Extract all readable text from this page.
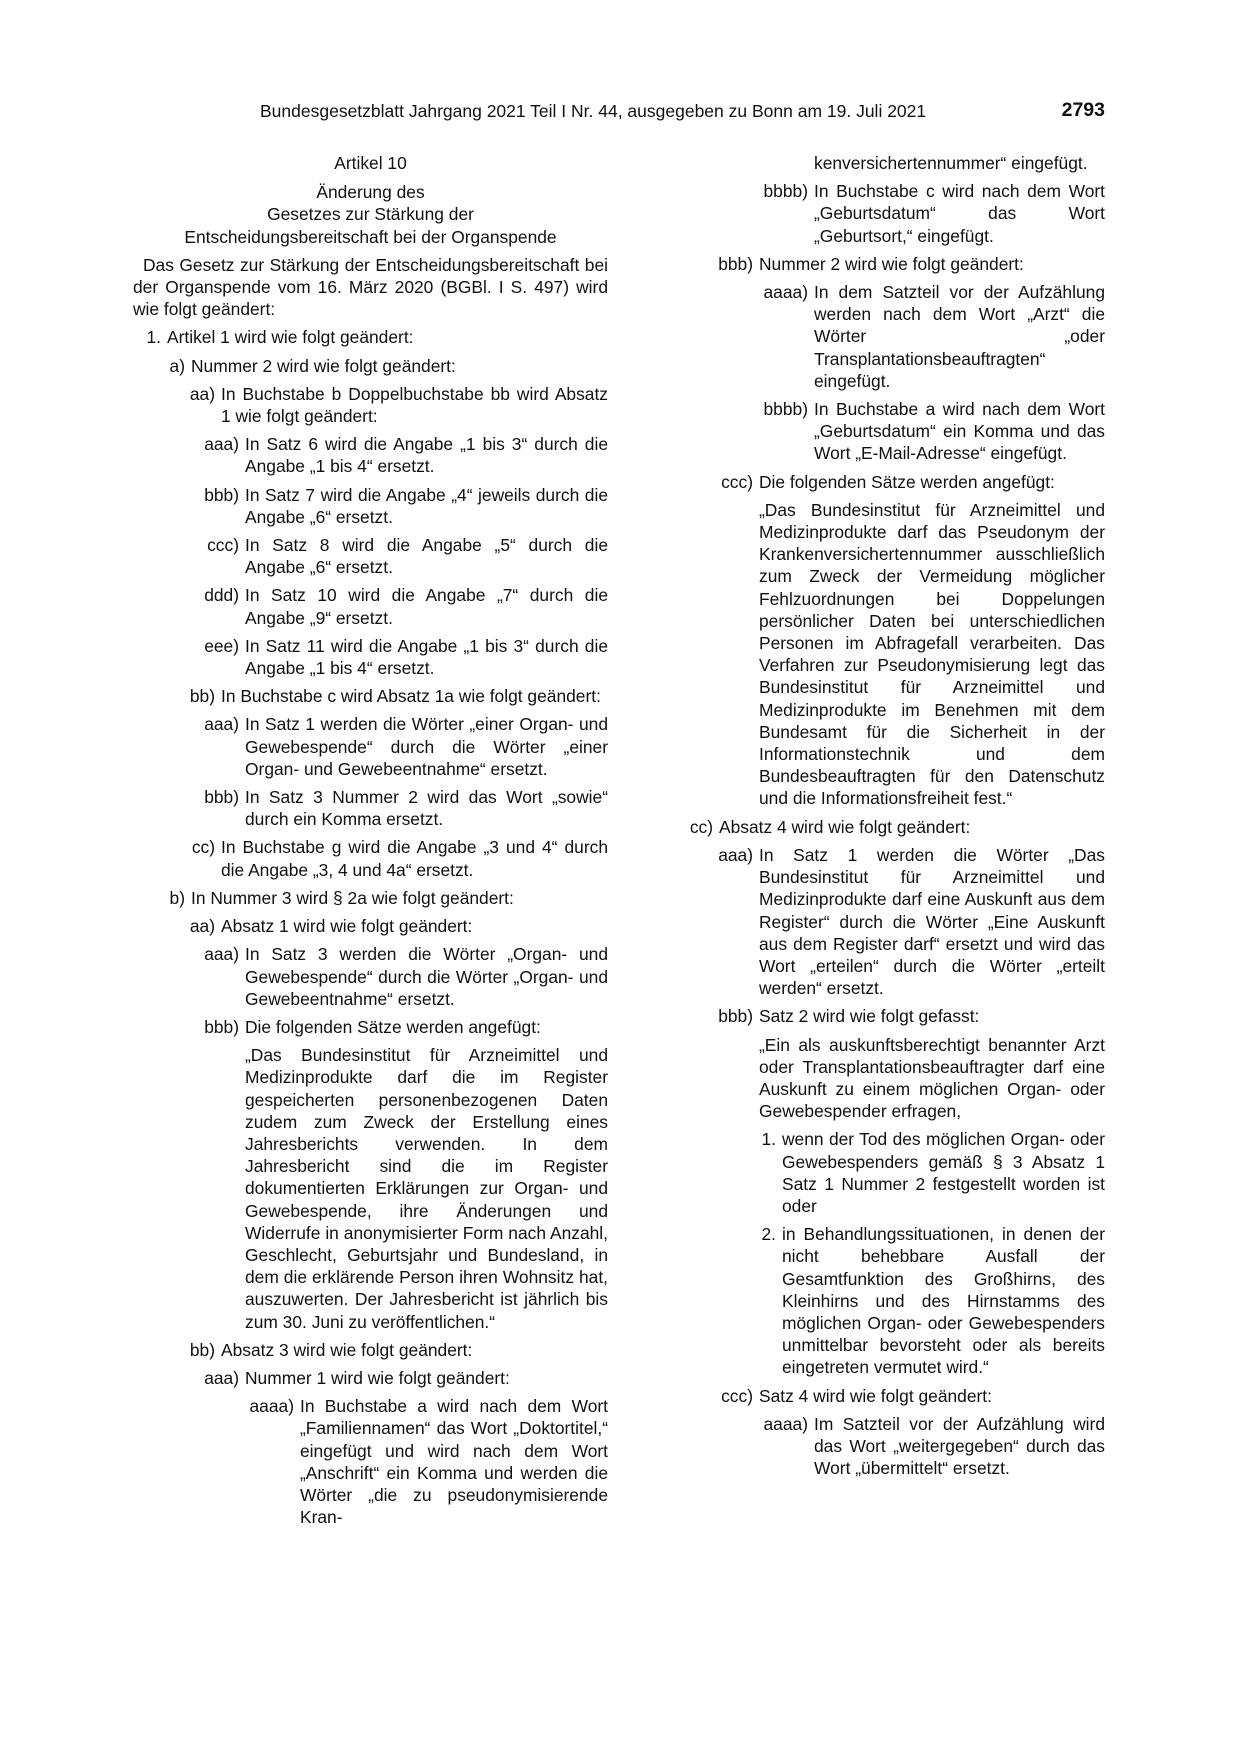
Bundesgesetzblatt Jahrgang 2021 Teil I Nr. 44, ausgegeben zu Bonn am 19. Juli 2021	2793

Artikel 10

Änderung des

Gesetzes zur Stärkung der

Entscheidungsbereitschaft bei der Organspende

Das Gesetz zur Stärkung der Entscheidungsbereitschaft bei der Organspende vom 16. März 2020 (BGBl. I S. 497) wird wie folgt geändert:

1. Artikel 1 wird wie folgt geändert:
a) Nummer 2 wird wie folgt geändert:
aa) In Buchstabe b Doppelbuchstabe bb wird Absatz 1 wie folgt geändert:
aaa) In Satz 6 wird die Angabe „1 bis 3“ durch die Angabe „1 bis 4“ ersetzt.
bbb) In Satz 7 wird die Angabe „4“ jeweils durch die Angabe „6“ ersetzt.
ccc) In Satz 8 wird die Angabe „5“ durch die Angabe „6“ ersetzt.
ddd) In Satz 10 wird die Angabe „7“ durch die Angabe „9“ ersetzt.
eee) In Satz 11 wird die Angabe „1 bis 3“ durch die Angabe „1 bis 4“ ersetzt.
bb) In Buchstabe c wird Absatz 1a wie folgt geändert:
aaa) In Satz 1 werden die Wörter „einer Organ- und Gewebespende“ durch die Wörter „einer Organ- und Gewebeentnahme“ ersetzt.
bbb) In Satz 3 Nummer 2 wird das Wort „sowie“ durch ein Komma ersetzt.
cc) In Buchstabe g wird die Angabe „3 und 4“ durch die Angabe „3, 4 und 4a“ ersetzt.
b) In Nummer 3 wird § 2a wie folgt geändert:
aa) Absatz 1 wird wie folgt geändert:
aaa) In Satz 3 werden die Wörter „Organ- und Gewebespende“ durch die Wörter „Organ- und Gewebeentnahme“ ersetzt.
bbb) Die folgenden Sätze werden angefügt:

„Das Bundesinstitut für Arzneimittel und Medizinprodukte darf die im Register gespeicherten personenbezogenen Daten zudem zum Zweck der Erstellung eines Jahresberichts verwenden. In dem Jahresbericht sind die im Register dokumentierten Erklärungen zur Organ- und Gewebespende, ihre Änderungen und Widerrufe in anonymisierter Form nach Anzahl, Geschlecht, Geburtsjahr und Bundesland, in dem die erklärende Person ihren Wohnsitz hat, auszuwerten. Der Jahresbericht ist jährlich bis zum 30. Juni zu veröffentlichen.“

bb) Absatz 3 wird wie folgt geändert:
aaa) Nummer 1 wird wie folgt geändert:
aaaa) In Buchstabe a wird nach dem Wort „Familiennamen“ das Wort „Doktortitel,“ eingefügt und wird nach dem Wort „Anschrift“ ein Komma und werden die Wörter „die zu pseudonymisierende Kran-

kenversichertennummer“ eingefügt.

bbbb) In Buchstabe c wird nach dem Wort „Geburtsdatum“ das Wort „Geburtsort,“ eingefügt.
bbb) Nummer 2 wird wie folgt geändert:
aaaa) In dem Satzteil vor der Aufzählung werden nach dem Wort „Arzt“ die Wörter „oder Transplantationsbeauftragten“ eingefügt.
bbbb) In Buchstabe a wird nach dem Wort „Geburtsdatum“ ein Komma und das Wort „E-Mail-Adresse“ eingefügt.
ccc) Die folgenden Sätze werden angefügt:

„Das Bundesinstitut für Arzneimittel und Medizinprodukte darf das Pseudonym der Krankenversichertennummer ausschließlich zum Zweck der Vermeidung möglicher Fehlzuordnungen bei Doppelungen persönlicher Daten bei unterschiedlichen Personen im Abfragefall verarbeiten. Das Verfahren zur Pseudonymisierung legt das Bundesinstitut für Arzneimittel und Medizinprodukte im Benehmen mit dem Bundesamt für die Sicherheit in der Informationstechnik und dem Bundesbeauftragten für den Datenschutz und die Informationsfreiheit fest.“

cc) Absatz 4 wird wie folgt geändert:
aaa) In Satz 1 werden die Wörter „Das Bundesinstitut für Arzneimittel und Medizinprodukte darf eine Auskunft aus dem Register“ durch die Wörter „Eine Auskunft aus dem Register darf“ ersetzt und wird das Wort „erteilen“ durch die Wörter „erteilt werden“ ersetzt.
bbb) Satz 2 wird wie folgt gefasst:

„Ein als auskunftsberechtigt benannter Arzt oder Transplantationsbeauftragter darf eine Auskunft zu einem möglichen Organ- oder Gewebespender erfragen,

1. wenn der Tod des möglichen Organ- oder Gewebespenders gemäß § 3 Absatz 1 Satz 1 Nummer 2 festgestellt worden ist oder
2. in Behandlungssituationen, in denen der nicht behebbare Ausfall der Gesamtfunktion des Großhirns, des Kleinhirns und des Hirnstamms des möglichen Organ- oder Gewebespenders unmittelbar bevorsteht oder als bereits eingetreten vermutet wird.“
ccc) Satz 4 wird wie folgt geändert:
aaaa) Im Satzteil vor der Aufzählung wird das Wort „weitergegeben“ durch das Wort „übermittelt“ ersetzt.
